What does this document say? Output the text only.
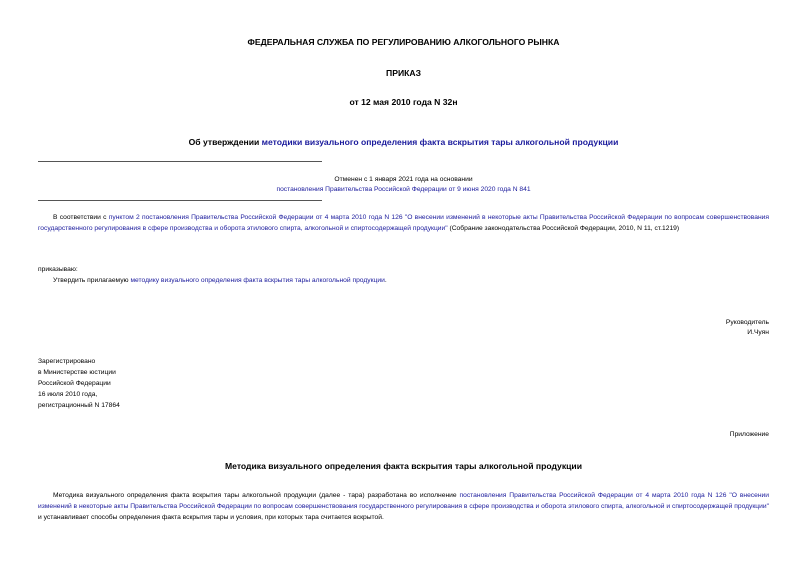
ФЕДЕРАЛЬНАЯ СЛУЖБА ПО РЕГУЛИРОВАНИЮ АЛКОГОЛЬНОГО РЫНКА
ПРИКАЗ
от 12 мая 2010 года N 32н
Об утверждении методики визуального определения факта вскрытия тары алкогольной продукции
Отменен с 1 января 2021 года на основании
постановления Правительства Российской Федерации от 9 июня 2020 года N 841
В соответствии с пунктом 2 постановления Правительства Российской Федерации от 4 марта 2010 года N 126 "О внесении изменений в некоторые акты Правительства Российской Федерации по вопросам совершенствования государственного регулирования в сфере производства и оборота этилового спирта, алкогольной и спиртосодержащей продукции" (Собрание законодательства Российской Федерации, 2010, N 11, ст.1219)
приказываю:
Утвердить прилагаемую методику визуального определения факта вскрытия тары алкогольной продукции.
Руководитель
И.Чуян
Зарегистрировано
в Министерстве юстиции
Российской Федерации
16 июля 2010 года,
регистрационный N 17864
Приложение
Методика визуального определения факта вскрытия тары алкогольной продукции
Методика визуального определения факта вскрытия тары алкогольной продукции (далее - тара) разработана во исполнение постановления Правительства Российской Федерации от 4 марта 2010 года N 126 "О внесении изменений в некоторые акты Правительства Российской Федерации по вопросам совершенствования государственного регулирования в сфере производства и оборота этилового спирта, алкогольной и спиртосодержащей продукции" и устанавливает способы определения факта вскрытия тары и условия, при которых тара считается вскрытой.
